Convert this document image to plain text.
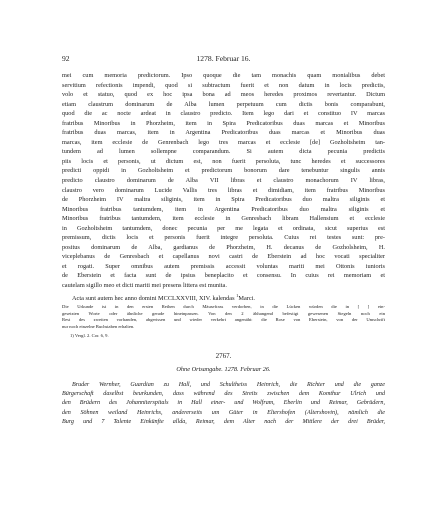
92	1278. Februar 16.
mei cum memoria predictorum. Ipso quoque die tam monachis quam monialibus debet
servitium refectionis impendi, quod si subtractum fuerit et non datum in locis predictis,
volo et statuo, quod ex hoc ipsa bona ad meos heredes proximos revertantur. Dictum
etiam claustrum dominarum de Alba lumen perpetuum cum dictis bonis comparabunt,
quod die ac nocte ardeat in claustro predicto. Item lego dari et constituo IV marcas
fratribus Minoribus in Phorzheim, item in Spira Predicatoribus duas marcas et Minoribus
fratribus duas marcas, item in Argentina Predicatoribus duas marcas et Minoribus duas
marcas, item ecclesie de Genrenbach lego tres marcas et ecclesie [de] Gozholtsheim tan-
tundem ad lumen sollempne comparandum. Si autem dicta pecunia predictis
piis locis et personis, ut dictum est, non fuerit persoluta, tunc heredes et successores
predicti oppidi in Gozholtsheim et predictorum bonorum dare tenebuntur singulis annis
predicto claustro dominarum de Alba VII libras et claustro monachorum IV libras,
claustro vero dominarum Lucide Vallis tres libras et dimidiam, item fratribus Minoribus
de Phorzheim IV maltra siliginis, item in Spira Predicatoribus duo maltra siliginis et
Minoribus fratribus tantumdem, item in Argentina Predicatoribus duo maltra siliginis et
Minoribus fratribus tantumdem, item ecclesie in Genresbach libram Hallensium et ecclesie
in Gozholtsheim tantumdem, donec pecunia per me legata et ordinata, sicut superius est
premissum, dictis locis et personis fuerit integre persoluta. Cuius rei testes sunt: pre-
positus dominarum de Alba, gardianus de Phorzheim, H. decanus de Gozholsheim, H.
viceplebanus de Genresbach et capellanus novi castri de Eberstein ad hoc vocati specialiter
et rogati. Super omnibus autem premissis accessit voluntas mariti mei Ottonis iunioris
de Eberstein et facta sunt de ipsius beneplacito et consensu. In cuius rei memoriam et
cautelam sigillo meo et dicti mariti mei presens littera est munita.
Acta sunt autem hec anno domini MCCLXXVIII, XIV. kalendas $^1$Marci.
Die Urkunde ist in den ersten Reihen durch Mäusefrass verdorben, in die Lücken würden die in [ ] ein-
gesetzten Worte oder ähnliche gerade hineinpassen. Von den 2 ähhangend befestigt gewesenen Siegeln noch ein
Rest des zweiten vorhanden, abgerissen und wieder verkehrt angenäht: die Rose von Eberstein, von der Umschrift
nur noch einzelne Buchstaben erhalten.
1) Vergl. 2. Cor. 6, 9.
2767.
Ohne Ortsangabe. 1278. Februar 26.
Bruder Wernher, Guardian zu Hall, und Schultheiss Heinrich, die Richter und die ganze
Bürgerschaft daselbst beurkunden, dass während des Streits zwischen dem Komthur Ulrich und
den Brüdern des Johanniterspitals in Hall einer- und Wolfram, Eberlin und Reimar, Gebrüdern,
den Söhnen weiland Heinrichs, andererseits um Güter in Eltershofen (Altershovin), nämlich die
Burg und 7 Talente Einkünfte allda, Reimar, dem Alter nach der Mittlere der drei Brüder,
